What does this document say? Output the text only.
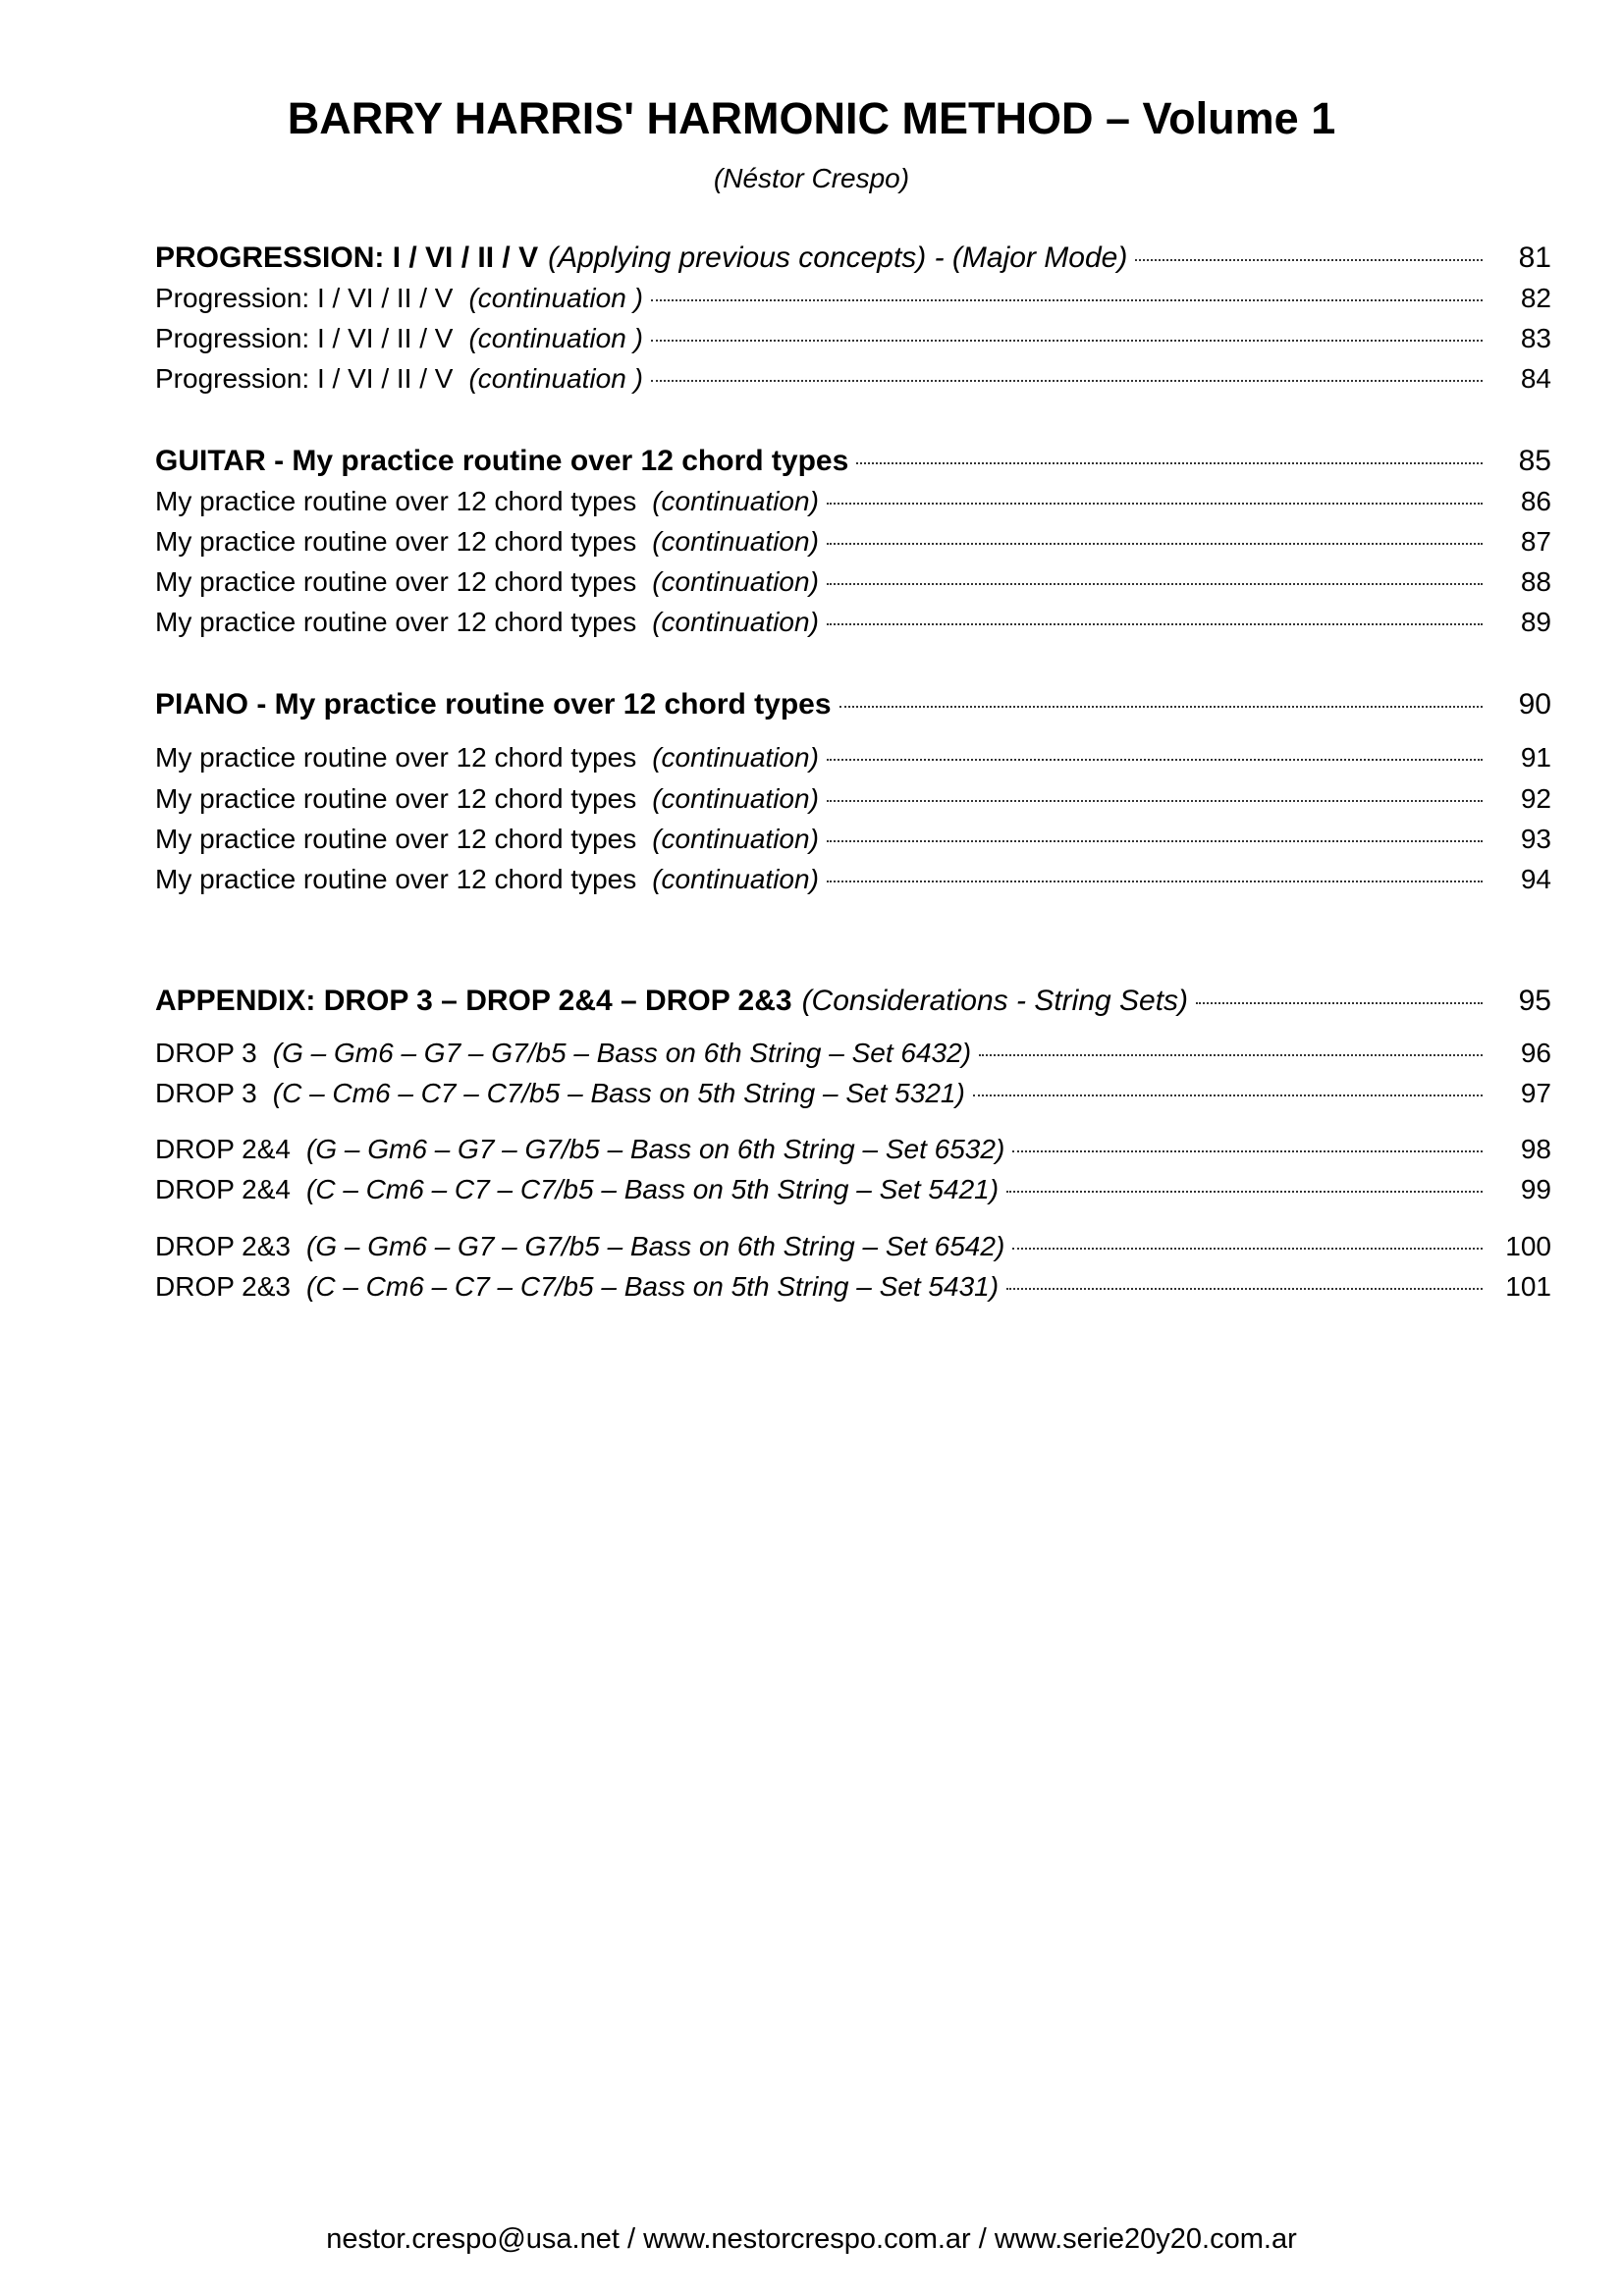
BARRY HARRIS' HARMONIC METHOD – Volume 1
(Néstor Crespo)
PROGRESSION: I / VI / II / V (Applying previous concepts) - (Major Mode)	81
Progression: I / VI / II / V (continuation )	82
Progression: I / VI / II / V (continuation )	83
Progression: I / VI / II / V (continuation )	84
GUITAR - My practice routine over 12 chord types	85
My practice routine over 12 chord types (continuation)	86
My practice routine over 12 chord types (continuation)	87
My practice routine over 12 chord types (continuation)	88
My practice routine over 12 chord types (continuation)	89
PIANO - My practice routine over 12 chord types	90
My practice routine over 12 chord types (continuation)	91
My practice routine over 12 chord types (continuation)	92
My practice routine over 12 chord types (continuation)	93
My practice routine over 12 chord types (continuation)	94
APPENDIX: DROP 3 – DROP 2&4 – DROP 2&3 (Considerations - String Sets)	95
DROP 3 (G – Gm6 – G7 – G7/b5 – Bass on 6th String – Set 6432)	96
DROP 3 (C – Cm6 – C7 – C7/b5 – Bass on 5th String – Set 5321)	97
DROP 2&4 (G – Gm6 – G7 – G7/b5 – Bass on 6th String – Set 6532)	98
DROP 2&4 (C – Cm6 – C7 – C7/b5 – Bass on 5th String – Set 5421)	99
DROP 2&3 (G – Gm6 – G7 – G7/b5 – Bass on 6th String – Set 6542)	100
DROP 2&3 (C – Cm6 – C7 – C7/b5 – Bass on 5th String – Set 5431)	101
nestor.crespo@usa.net / www.nestorcrespo.com.ar / www.serie20y20.com.ar
